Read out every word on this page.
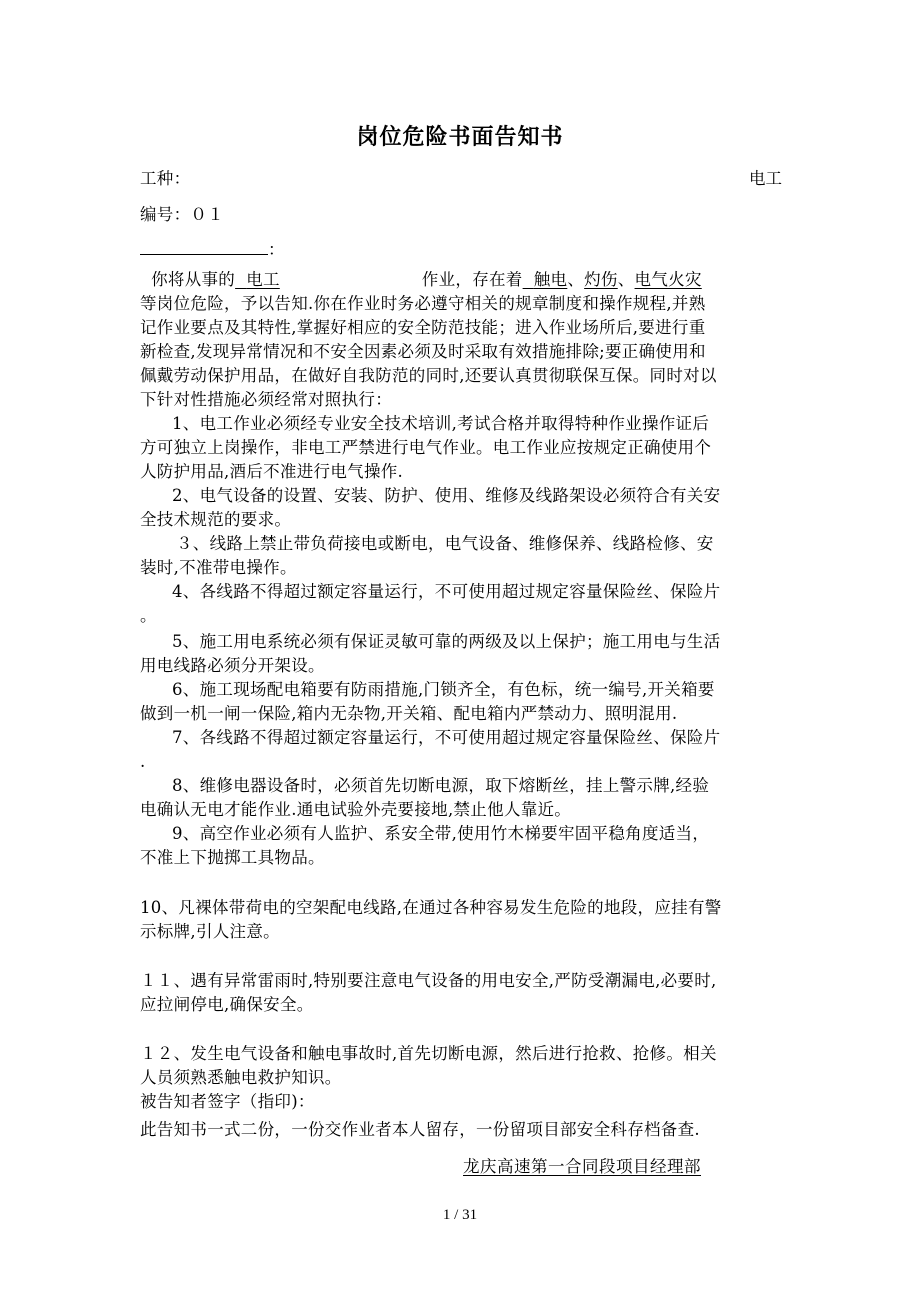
岗位危险书面告知书
工种：	电工
编号：０１
：
你将从事的 电工	作业，存在着 触电、灼伤、电气火灾
等岗位危险，予以告知.你在作业时务必遵守相关的规章制度和操作规程,并熟
记作业要点及其特性,掌握好相应的安全防范技能；进入作业场所后,要进行重
新检查,发现异常情况和不安全因素必须及时采取有效措施排除;要正确使用和
佩戴劳动保护用品，在做好自我防范的同时,还要认真贯彻联保互保。同时对以
下针对性措施必须经常对照执行：
1、电工作业必须经专业安全技术培训,考试合格并取得特种作业操作证后
方可独立上岗操作，非电工严禁进行电气作业。电工作业应按规定正确使用个
人防护用品,酒后不准进行电气操作.
2、电气设备的设置、安装、防护、使用、维修及线路架设必须符合有关安
全技术规范的要求。
３、线路上禁止带负荷接电或断电，电气设备、维修保养、线路检修、安
装时,不准带电操作。
4、各线路不得超过额定容量运行，不可使用超过规定容量保险丝、保险片
。
5、施工用电系统必须有保证灵敏可靠的两级及以上保护；施工用电与生活
用电线路必须分开架设。
6、施工现场配电箱要有防雨措施,门锁齐全，有色标，统一编号,开关箱要
做到一机一闸一保险,箱内无杂物,开关箱、配电箱内严禁动力、照明混用.
7、各线路不得超过额定容量运行，不可使用超过规定容量保险丝、保险片
.
8、维修电器设备时，必须首先切断电源，取下熔断丝，挂上警示牌,经验
电确认无电才能作业.通电试验外壳要接地,禁止他人靠近。
9、高空作业必须有人监护、系安全带,使用竹木梯要牢固平稳角度适当，
不准上下抛掷工具物品。
10、凡裸体带荷电的空架配电线路,在通过各种容易发生危险的地段，应挂有警
示标牌,引人注意。
１１、遇有异常雷雨时,特别要注意电气设备的用电安全,严防受潮漏电,必要时,
应拉闸停电,确保安全。
１２、发生电气设备和触电事故时,首先切断电源，然后进行抢救、抢修。相关
人员须熟悉触电救护知识。
被告知者签字（指印)：
此告知书一式二份，一份交作业者本人留存，一份留项目部安全科存档备查.
龙庆高速第一合同段项目经理部
1 / 31
